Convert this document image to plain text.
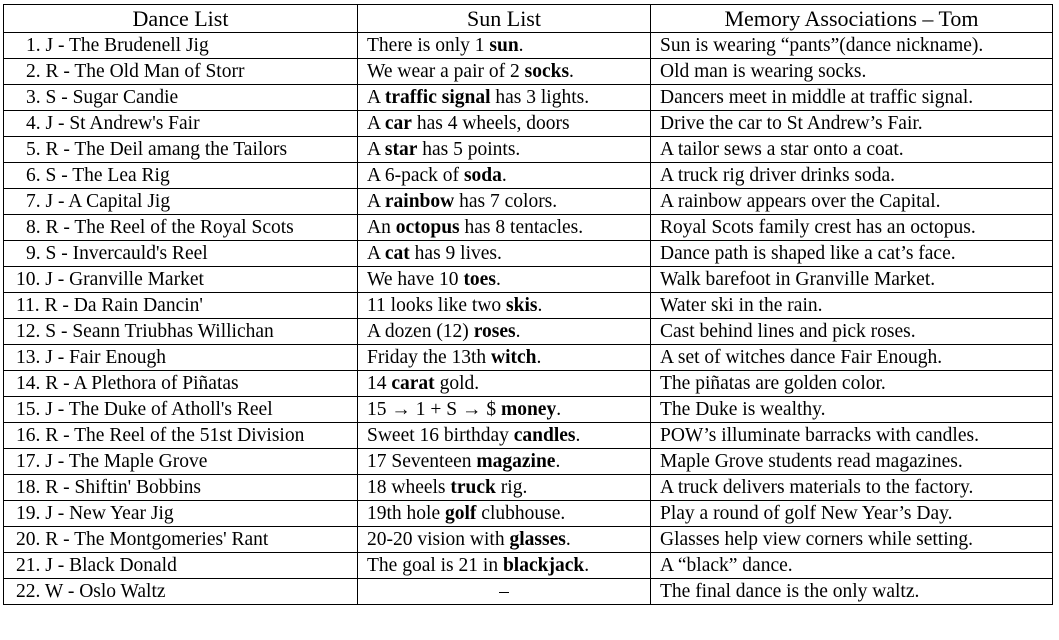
Dance List	Sun List	Memory Associations – Tom
1. J - The Brudenell Jig	There is only 1 sun.	Sun is wearing “pants”(dance nickname).
2. R - The Old Man of Storr	We wear a pair of 2 socks.	Old man is wearing socks.
3. S - Sugar Candie	A traffic signal has 3 lights.	Dancers meet in middle at traffic signal.
4. J - St Andrew's Fair	A car has 4 wheels, doors	Drive the car to St Andrew’s Fair.
5. R - The Deil amang the Tailors	A star has 5 points.	A tailor sews a star onto a coat.
6. S - The Lea Rig	A 6-pack of soda.	A truck rig driver drinks soda.
7. J - A Capital Jig	A rainbow has 7 colors.	A rainbow appears over the Capital.
8. R - The Reel of the Royal Scots	An octopus has 8 tentacles.	Royal Scots family crest has an octopus.
9. S - Invercauld's Reel	A cat has 9 lives.	Dance path is shaped like a cat’s face.
10. J - Granville Market	We have 10 toes.	Walk barefoot in Granville Market.
11. R - Da Rain Dancin'	11 looks like two skis.	Water ski in the rain.
12. S - Seann Triubhas Willichan	A dozen (12) roses.	Cast behind lines and pick roses.
13. J - Fair Enough	Friday the 13th witch.	A set of witches dance Fair Enough.
14. R - A Plethora of Piñatas	14 carat gold.	The piñatas are golden color.
15. J - The Duke of Atholl's Reel	15 → 1 + S → $ money.	The Duke is wealthy.
16. R - The Reel of the 51st Division	Sweet 16 birthday candles.	POW’s illuminate barracks with candles.
17. J - The Maple Grove	17 Seventeen magazine.	Maple Grove students read magazines.
18. R - Shiftin' Bobbins	18 wheels truck rig.	A truck delivers materials to the factory.
19. J - New Year Jig	19th hole golf clubhouse.	Play a round of golf New Year’s Day.
20. R - The Montgomeries' Rant	20-20 vision with glasses.	Glasses help view corners while setting.
21. J - Black Donald	The goal is 21 in blackjack.	A “black” dance.
22. W - Oslo Waltz	–	The final dance is the only waltz.
